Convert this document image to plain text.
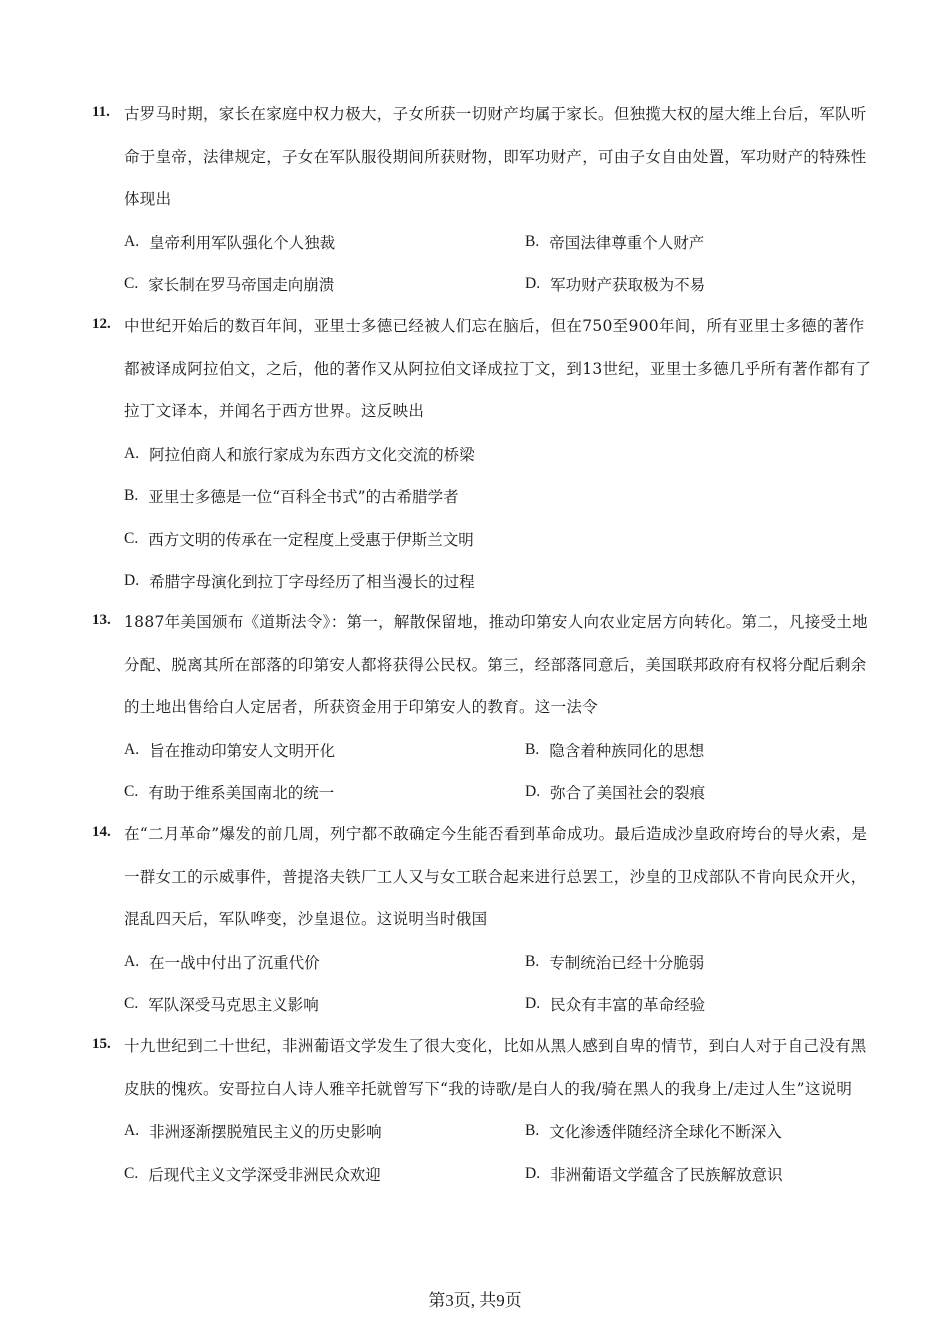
11. 古罗马时期，家长在家庭中权力极大，子女所获一切财产均属于家长。但独揽大权的屋大维上台后，军队听命于皇帝，法律规定，子女在军队服役期间所获财物，即军功财产，可由子女自由处置，军功财产的特殊性体现出
A. 皇帝利用军队强化个人独裁	B. 帝国法律尊重个人财产
C. 家长制在罗马帝国走向崩溃	D. 军功财产获取极为不易
12. 中世纪开始后的数百年间，亚里士多德已经被人们忘在脑后，但在750至900年间，所有亚里士多德的著作都被译成阿拉伯文，之后，他的著作又从阿拉伯文译成拉丁文，到13世纪，亚里士多德几乎所有著作都有了拉丁文译本，并闻名于西方世界。这反映出
A. 阿拉伯商人和旅行家成为东西方文化交流的桥梁
B. 亚里士多德是一位“百科全书式”的古希腊学者
C. 西方文明的传承在一定程度上受惠于伊斯兰文明
D. 希腊字母演化到拉丁字母经历了相当漫长的过程
13. 1887年美国颁布《道斯法令》：第一，解散保留地，推动印第安人向农业定居方向转化。第二，凡接受土地分配、脱离其所在部落的印第安人都将获得公民权。第三，经部落同意后，美国联邦政府有权将分配后剩余的土地出售给白人定居者，所获资金用于印第安人的教育。这一法令
A. 旨在推动印第安人文明开化	B. 隐含着种族同化的思想
C. 有助于维系美国南北的统一	D. 弥合了美国社会的裂痕
14. 在“二月革命”爆发的前几周，列宁都不敢确定今生能否看到革命成功。最后造成沙皇政府垮台的导火索，是一群女工的示威事件，普提洛夫铁厂工人又与女工联合起来进行总罢工，沙皇的卫戍部队不肯向民众开火，混乱四天后，军队哗变，沙皇退位。这说明当时俄国
A. 在一战中付出了沉重代价	B. 专制统治已经十分脆弱
C. 军队深受马克思主义影响	D. 民众有丰富的革命经验
15. 十九世纪到二十世纪，非洲葡语文学发生了很大变化，比如从黑人感到自卑的情节，到白人对于自己没有黑皮肤的愧疚。安哥拉白人诗人雅辛托就曾写下“我的诗歌/是白人的我/骑在黑人的我身上/走过人生”这说明
A. 非洲逐渐摆脱殖民主义的历史影响	B. 文化渗透伴随经济全球化不断深入
C. 后现代主义文学深受非洲民众欢迎	D. 非洲葡语文学蕴含了民族解放意识
第3页, 共9页
